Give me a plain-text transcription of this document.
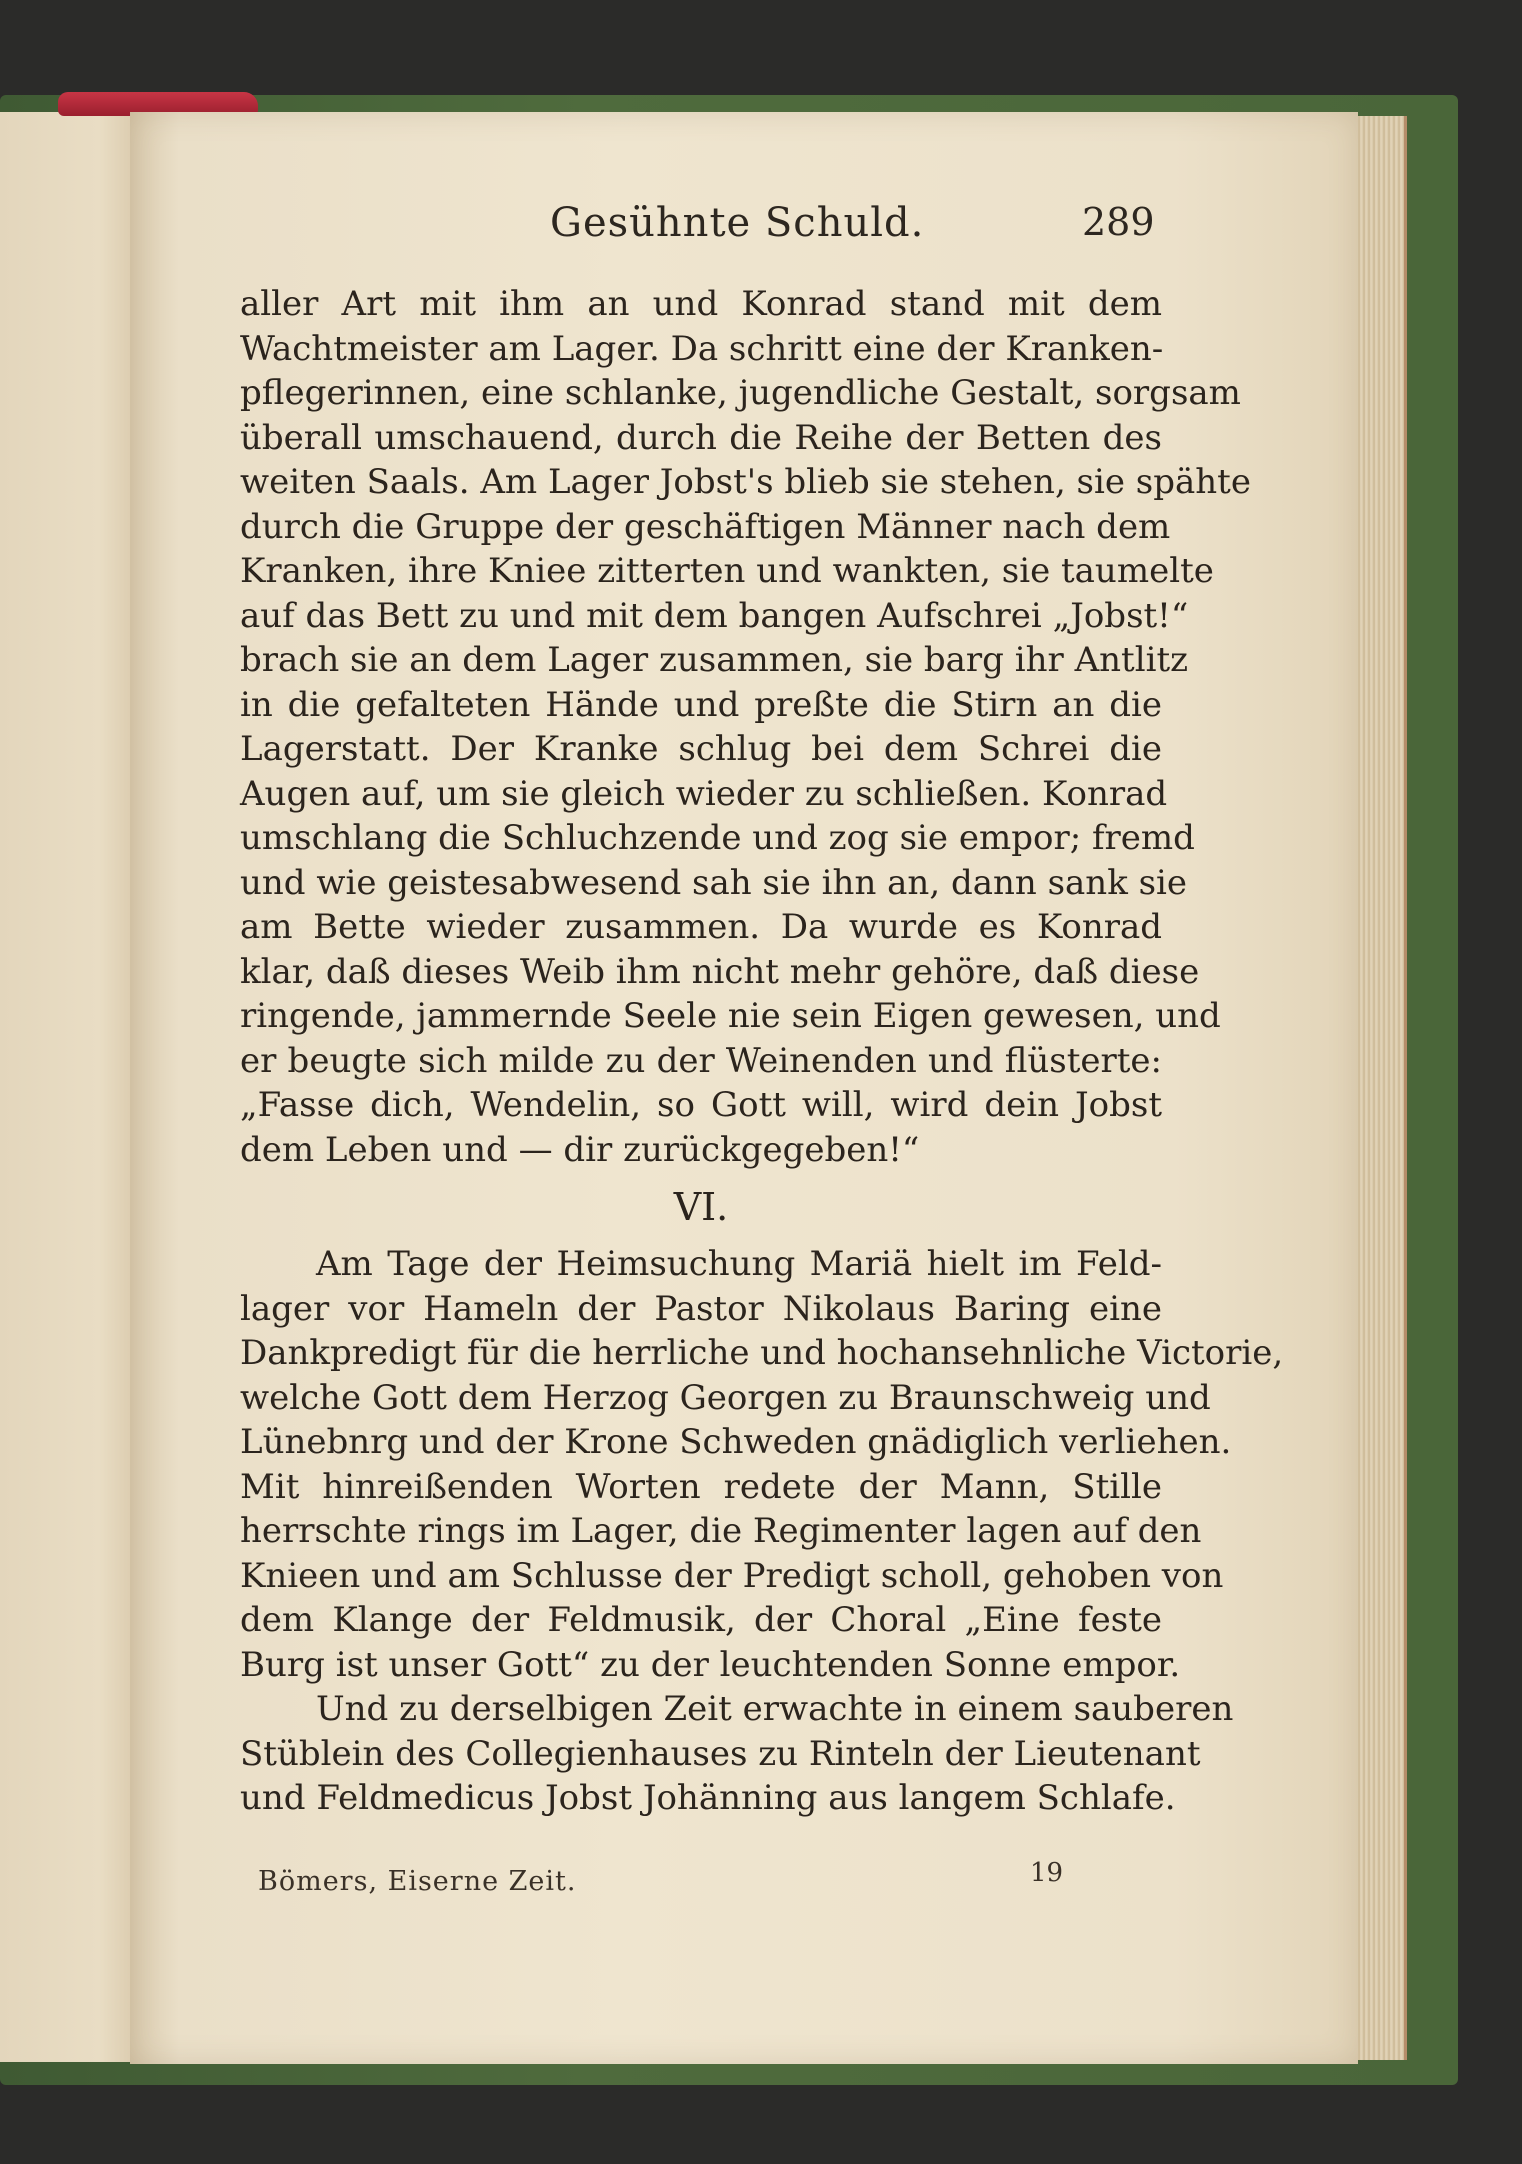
Gesühnte Schuld.	289
aller Art mit ihm an und Konrad stand mit dem
Wachtmeister am Lager. Da schritt eine der Kranken-
pflegerinnen, eine schlanke, jugendliche Gestalt, sorgsam
überall umschauend, durch die Reihe der Betten des
weiten Saals. Am Lager Jobst's blieb sie stehen, sie spähte
durch die Gruppe der geschäftigen Männer nach dem
Kranken, ihre Kniee zitterten und wankten, sie taumelte
auf das Bett zu und mit dem bangen Aufschrei „Jobst!“
brach sie an dem Lager zusammen, sie barg ihr Antlitz
in die gefalteten Hände und preßte die Stirn an die
Lagerstatt. Der Kranke schlug bei dem Schrei die
Augen auf, um sie gleich wieder zu schließen. Konrad
umschlang die Schluchzende und zog sie empor; fremd
und wie geistesabwesend sah sie ihn an, dann sank sie
am Bette wieder zusammen. Da wurde es Konrad
klar, daß dieses Weib ihm nicht mehr gehöre, daß diese
ringende, jammernde Seele nie sein Eigen gewesen, und
er beugte sich milde zu der Weinenden und flüsterte:
„Fasse dich, Wendelin, so Gott will, wird dein Jobst
dem Leben und — dir zurückgegeben!“
VI.
Am Tage der Heimsuchung Mariä hielt im Feld-
lager vor Hameln der Pastor Nikolaus Baring eine
Dankpredigt für die herrliche und hochansehnliche Victorie,
welche Gott dem Herzog Georgen zu Braunschweig und
Lünebnrg und der Krone Schweden gnädiglich verliehen.
Mit hinreißenden Worten redete der Mann, Stille
herrschte rings im Lager, die Regimenter lagen auf den
Knieen und am Schlusse der Predigt scholl, gehoben von
dem Klange der Feldmusik, der Choral „Eine feste
Burg ist unser Gott“ zu der leuchtenden Sonne empor.
Und zu derselbigen Zeit erwachte in einem sauberen
Stüblein des Collegienhauses zu Rinteln der Lieutenant
und Feldmedicus Jobst Johänning aus langem Schlafe.
Bömers, Eiserne Zeit.	19
